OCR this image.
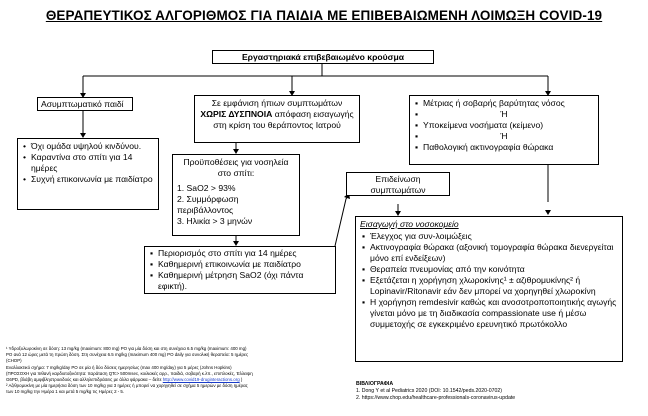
ΘΕΡΑΠΕΥΤΙΚΟΣ ΑΛΓΟΡΙΘΜΟΣ ΓΙΑ ΠΑΙΔΙΑ ΜΕ ΕΠΙΒΕΒΑΙΩΜΕΝΗ ΛΟΙΜΩΞΗ COVID-19
Εργαστηριακά επιβεβαιωμένο κρούσμα
Ασυμπτωματικό παιδί
• Όχι ομάδα υψηλού κινδύνου.
• Καραντίνα στο σπίτι για 14 ημέρες
• Συχνή επικοινωνία με παιδίατρο
Σε εμφάνιση ήπιων συμπτωμάτων
ΧΩΡΙΣ ΔΥΣΠΝΟΙΑ απόφαση εισαγωγής
στη κρίση του θεράποντος Ιατρού
Προϋποθέσεις για νοσηλεία στο σπίτι:
1. SaO2 > 93%
2. Συμμόρφωση περιβάλλοντος
3. Ηλικία > 3 μηνών
▪ Περιορισμός στο σπίτι για 14 ημέρες
▪ Καθημερινή επικοινωνία με παιδίατρο
▪ Καθημερινή μέτρηση SaO2 (όχι πάντα εφικτή).
Επιδείνωση συμπτωμάτων
▪ Μέτριας ή σοβαρής βαρύτητας νόσος
▪ Ή
▪ Υποκείμενα νοσήματα (κείμενο)
▪ Ή
▪ Παθολογική ακτινογραφία θώρακα
Εισαγωγή στο νοσοκομείο
▪ Έλεγχος για συν-λοιμώξεις
▪ Ακτινογραφία θώρακα (αξονική τομογραφία θώρακα διενεργείται μόνο επί ενδείξεων)
▪ Θεραπεία πνευμονίας από την κοινότητα
▪ Εξετάζεται η χορήγηση χλωροκίνης¹ ± αζιθρομυκίνης² ή Lopinavir/Ritonavir εάν δεν μπορεί να χορηγηθεί χλωροκίνη
▪ Η χορήγηση remdesivir καθώς και ανοσοτροποποιητικής αγωγής γίνεται μόνο με τη διαδικασία compassionate use ή μέσω συμμετοχής σε εγκεκριμένο ερευνητικό πρωτόκολλο
¹ Υδροξυλωροκίνη σε δόση: 13 mg/kg (maximum: 800 mg) PO για μία δόση και στη συνέχεια 6.5 mg/kg (maximum: 400 mg)
PO ανά 12 ώρες μετά τη πρώτη δόση. Στη συνέχεια 6.5 mg/kg (maximum 400 mg) PO daily για συνολική θεραπεία: 5 ημέρες
(CHOP)
Εναλλακτικό σχήμα: 7 mg/kg/day PO σε μία ή δύο δόσεις ημερησίως (max 400 mg/day) για 5 μέρες (Johns Hopkins)
(ΠΡΟΣΟΧΗ για πιθανή καρδιοτοξικότητα: παράταση QTc> 500msec, κοιλιακές αρρ., παιδιά, σοβαρή κ.λπ., επιπλοκές, Έλλειψη
G6PD, βλάβη αμφιβληστροειδούς και αλληλεπιδράσεις με άλλα φάρμακα – δείτε http://www.covid19-druginteractions.org )
² Αζιθρομυκίνη με μία ημερήσια δόση των 10 mg/kg για 3 ημέρες ή μπορεί να χορηγηθεί σε σχήμα 5 ημερών με δόση ημέρας
των 10 mg/kg την Ημέρα 1 και μετά 5 mg/kg τις Ημέρες 2 - 5.
ΒΙΒΛΙΟΓΡΑΦΙΑ
1. Dong Y et al Pediatrics 2020 (DOI: 10.1542/peds.2020-0702)
2. https://www.chop.edu/healthcare-professionals-coronavirus-update
